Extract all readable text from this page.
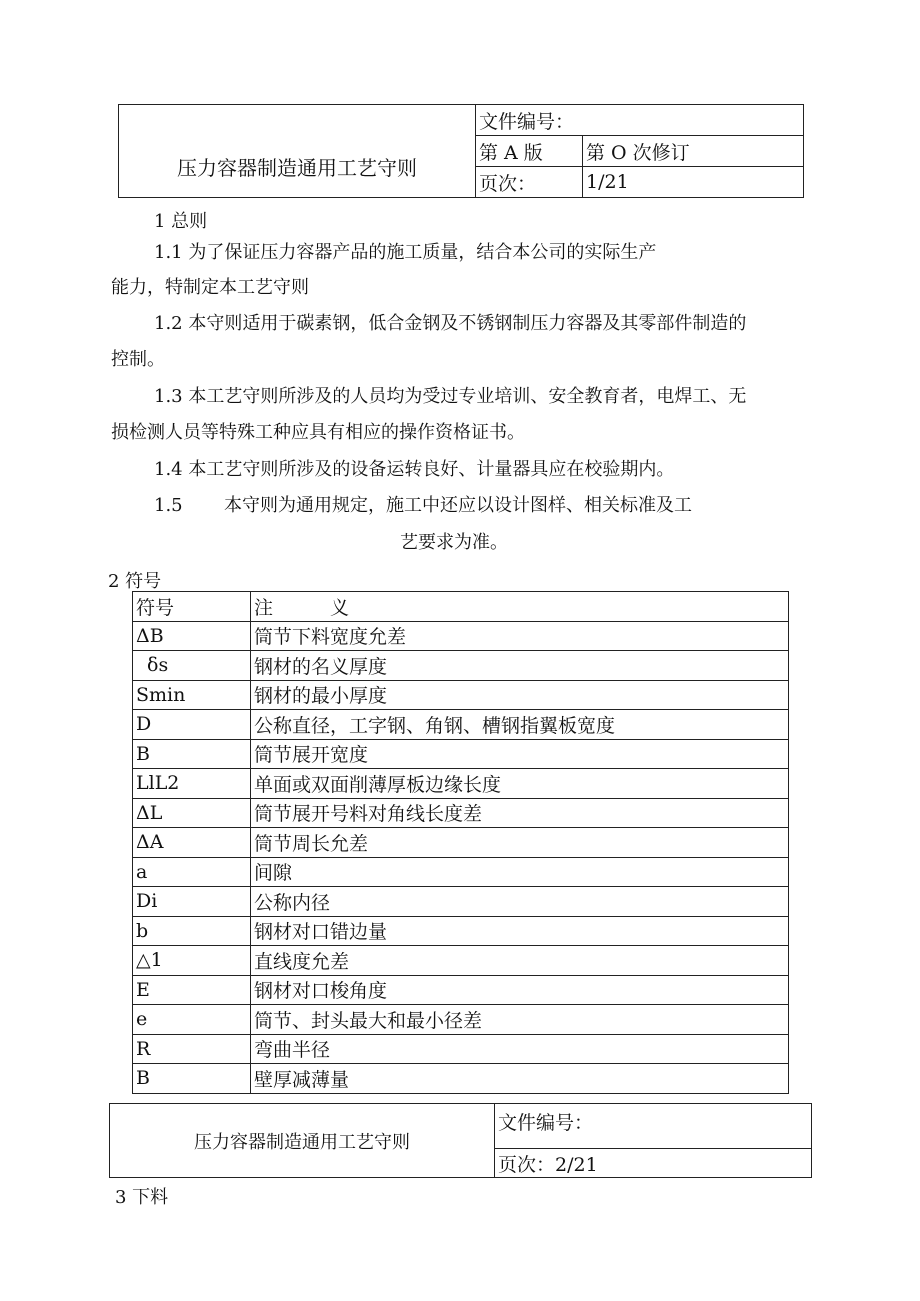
压力容器制造通用工艺守则	文件编号：	
	第 A 版	第 O 次修订
	页次：	1/21
1 总则
1.1 为了保证压力容器产品的施工质量，结合本公司的实际生产
能力，特制定本工艺守则
1.2 本守则适用于碳素钢，低合金钢及不锈钢制压力容器及其零部件制造的
控制。
1.3 本工艺守则所涉及的人员均为受过专业培训、安全教育者，电焊工、无
损检测人员等特殊工种应具有相应的操作资格证书。
1.4 本工艺守则所涉及的设备运转良好、计量器具应在校验期内。
1.5 本守则为通用规定，施工中还应以设计图样、相关标准及工
艺要求为准。
2 符号
符号	注　　　义
ΔB	筒节下料宽度允差
δs	钢材的名义厚度
Smin	钢材的最小厚度
D	公称直径，工字钢、角钢、槽钢指翼板宽度
B	筒节展开宽度
LlL2	单面或双面削薄厚板边缘长度
ΔL	筒节展开号料对角线长度差
ΔA	筒节周长允差
a	间隙
Di	公称内径
b	钢材对口错边量
△1	直线度允差
E	钢材对口梭角度
e	筒节、封头最大和最小径差
R	弯曲半径
B	壁厚减薄量
压力容器制造通用工艺守则	文件编号：
页次：2/21
3 下料
